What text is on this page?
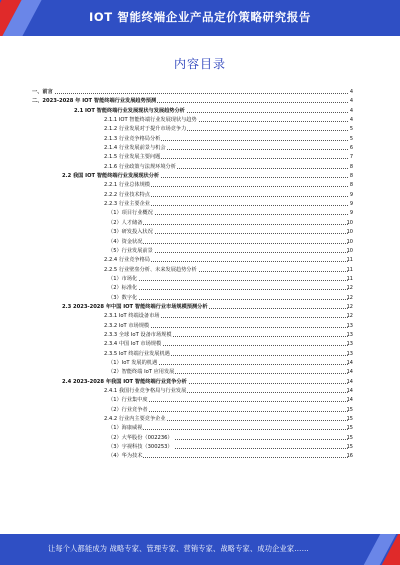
IOT 智能终端企业产品定价策略研究报告
内容目录
一、前言	4
二、2023-2028 年 IOT 智能终端行业发展趋势预测	4
2.1 IOT 智能终端行业发展现状与发展趋势分析	4
2.1.1 IOT 智能终端行业发展现状与趋势	4
2.1.2 行业发展对于提升市场竞争力	5
2.1.3 行业竞争格局分析	5
2.1.4 行业发展前景与机会	6
2.1.5 行业发展主要问题	7
2.1.6 行业政策与法规环境分析	8
2.2 我国 IOT 智能终端行业发展现状分析	8
2.2.1 行业总体规模	8
2.2.2 行业技术特点	9
2.2.3 行业主要企业	9
（1）项目行业概况	9
（2）人才储备	10
（3）研发投入状况	10
（4）资金状况	10
（5）行业发展前景	10
2.2.4 行业竞争格局	11
2.2.5 行业壁垒分析、未来发展趋势分析	11
（1）市场化	11
（2）标准化	12
（3）数字化	12
2.3 2023-2028 年中国 IOT 智能终端行业市场规模预测分析	12
2.3.1 IoT 终端设备市场	12
2.3.2 IoT 市场规模	13
2.3.3 全球 IoT 设备市场规模	13
2.3.4 中国 IoT 市场规模	13
2.3.5 IoT 终端行业发展机遇	13
（1）IoT 发展的机遇	14
（2）智能终端 IoT 应用发展	14
2.4 2023-2028 年我国 IOT 智能终端行业竞争分析	14
2.4.1 我国行业竞争格局与行业发展	14
（1）行业集中度	14
（2）行业竞争者	15
2.4.2 行业内主要竞争企业	15
（1）海康威视	15
（2）大华股份（002236）	15
（3）宇视科技（300253）	15
（4）华为技术	16
让每个人都能成为 战略专家、管理专家、营销专家、战略专家、成功企业家……
